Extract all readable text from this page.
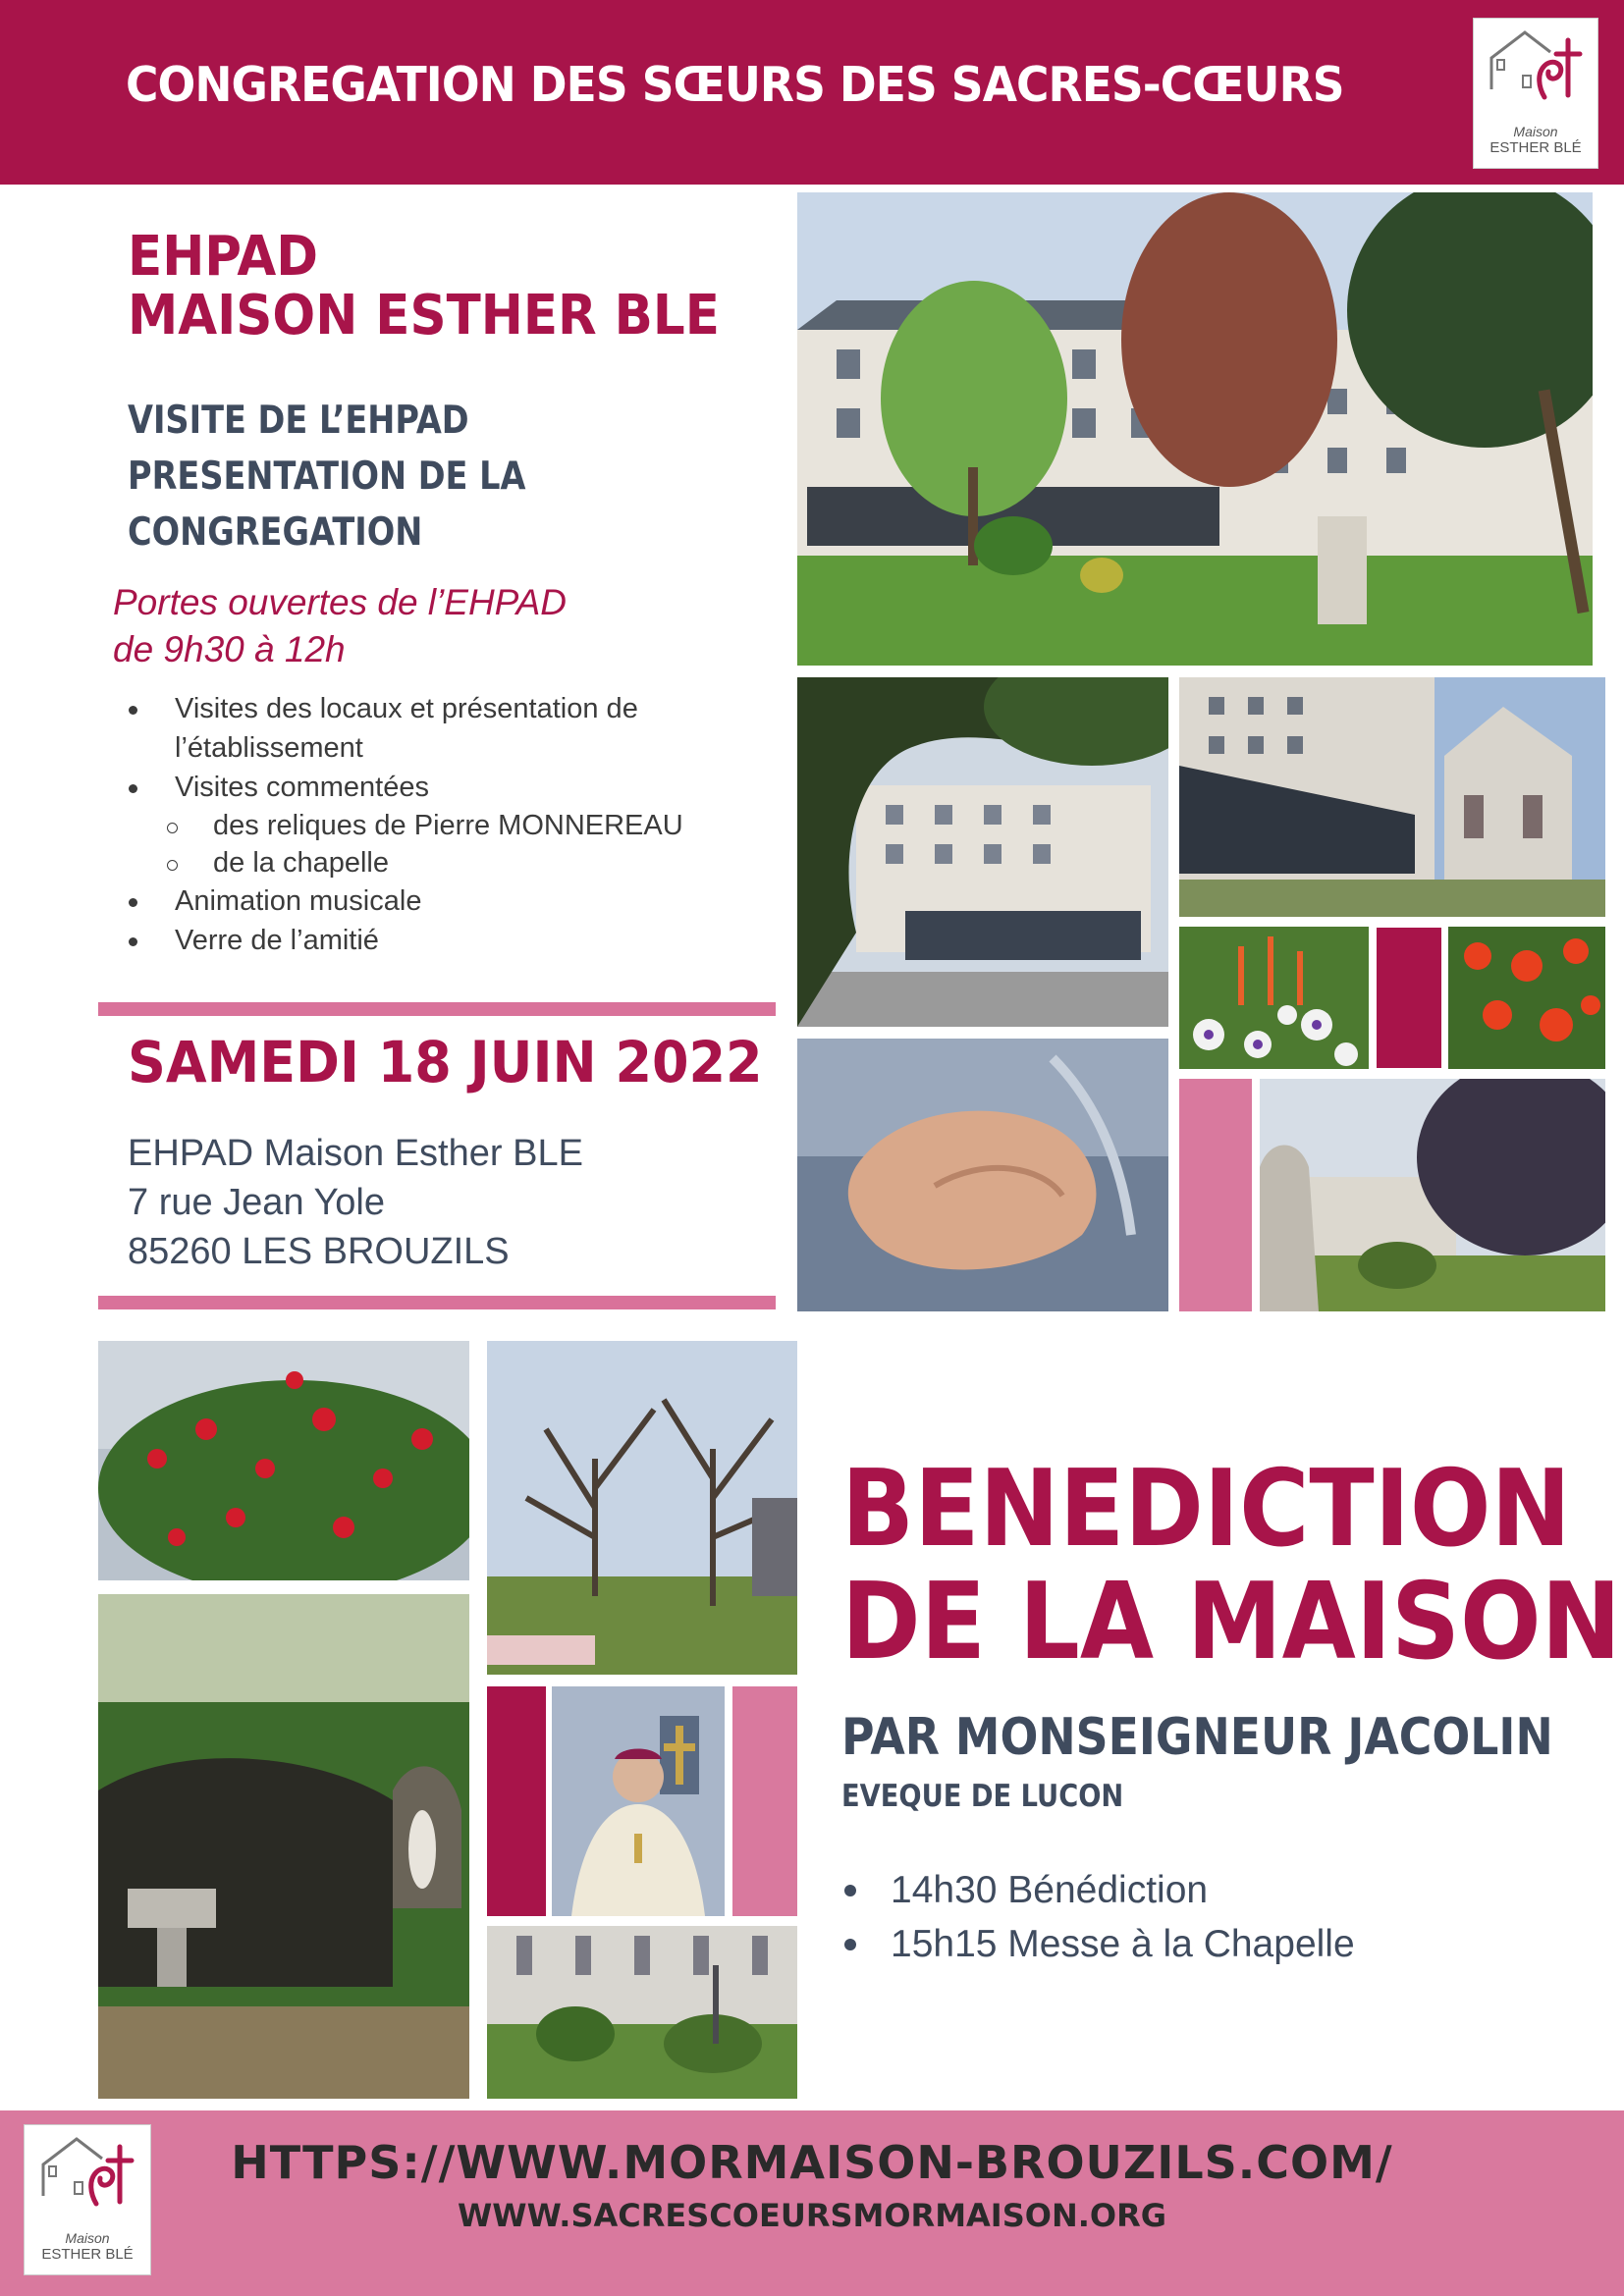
CONGREGATION DES SŒURS DES SACRES-CŒURS
Maison
ESTHER BLÉ
EHPAD
MAISON ESTHER BLE
VISITE DE L’EHPAD
PRESENTATION DE LA
CONGREGATION
Portes ouvertes de l’EHPAD
de 9h30 à 12h
Visites des locaux et présentation de
l’établissement
Visites commentées
des reliques de Pierre MONNEREAU
de la chapelle
Animation musicale
Verre de l’amitié
SAMEDI 18 JUIN 2022
EHPAD Maison Esther BLE
7 rue Jean Yole
85260 LES BROUZILS
BENEDICTION
DE LA MAISON
PAR MONSEIGNEUR JACOLIN
EVEQUE DE LUCON
14h30 Bénédiction
15h15 Messe à la Chapelle
Maison
ESTHER BLÉ
HTTPS://WWW.MORMAISON-BROUZILS.COM/
WWW.SACRESCOEURSMORMAISON.ORG
